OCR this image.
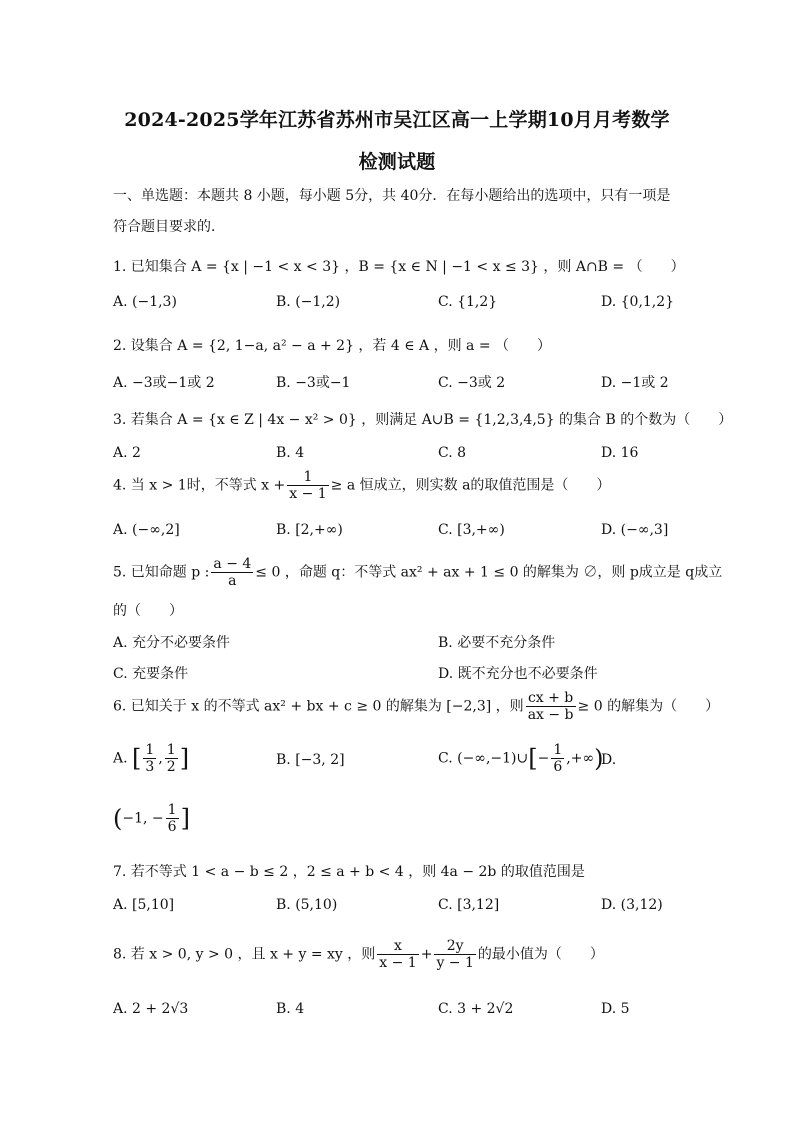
2024-2025学年江苏省苏州市吴江区高一上学期10月月考数学
检测试题
一、单选题：本题共 8 小题，每小题 5分，共 40分．在每小题给出的选项中，只有一项是
符合题目要求的．
1. 已知集合 A = {x | −1 < x < 3} ，B = {x ∈ N | −1 < x ≤ 3} ，则 A∩B = （　　）
A. (−1,3)	B. (−1,2)	C. {1,2}	D. {0,1,2}
2. 设集合 A = {2, 1−a, a² − a + 2} ，若 4 ∈ A ，则 a = （　　）
A. −3或−1或 2	B. −3或−1	C. −3或 2	D. −1或 2
3. 若集合 A = {x ∈ Z | 4x − x² > 0} ，则满足 A∪B = {1,2,3,4,5} 的集合 B 的个数为（　　）
A. 2	B. 4	C. 8	D. 16
4. 当 x > 1时，不等式 $x + \frac{1}{x - 1} \ge a$ 恒成立，则实数 a的取值范围是（　　）
A. (−∞,2]	B. [2,+∞)	C. [3,+∞)	D. (−∞,3]
5. 已知命题 p : $\frac{a - 4}{a} \le 0$ ，命题 q：不等式 ax² + ax + 1 ≤ 0 的解集为 ∅，则 p成立是 q成立
的（　　）
A. 充分不必要条件	B. 必要不充分条件
C. 充要条件	D. 既不充分也不必要条件
6. 已知关于 x 的不等式 ax² + bx + c ≥ 0 的解集为 [−2,3] ，则 $\frac{cx + b}{ax - b} \ge 0$ 的解集为（　　）
A. [ $\frac{1}{3}$ , $\frac{1}{2}$ ]	B. [−3, 2]	C. (−∞,−1)∪[− $\frac{1}{6}$ ,+∞)
D.
(−1, − $\frac{1}{6}$ ]
7. 若不等式 1 < a − b ≤ 2 ，2 ≤ a + b < 4 ，则 4a − 2b 的取值范围是
A. [5,10]	B. (5,10)	C. [3,12]	D. (3,12)
8. 若 x > 0, y > 0 ，且 x + y = xy ，则 $\frac{x}{x - 1} + \frac{2y}{y - 1}$ 的最小值为（　　）
A. 2 + 2√3	B. 4	C. 3 + 2√2	D. 5
